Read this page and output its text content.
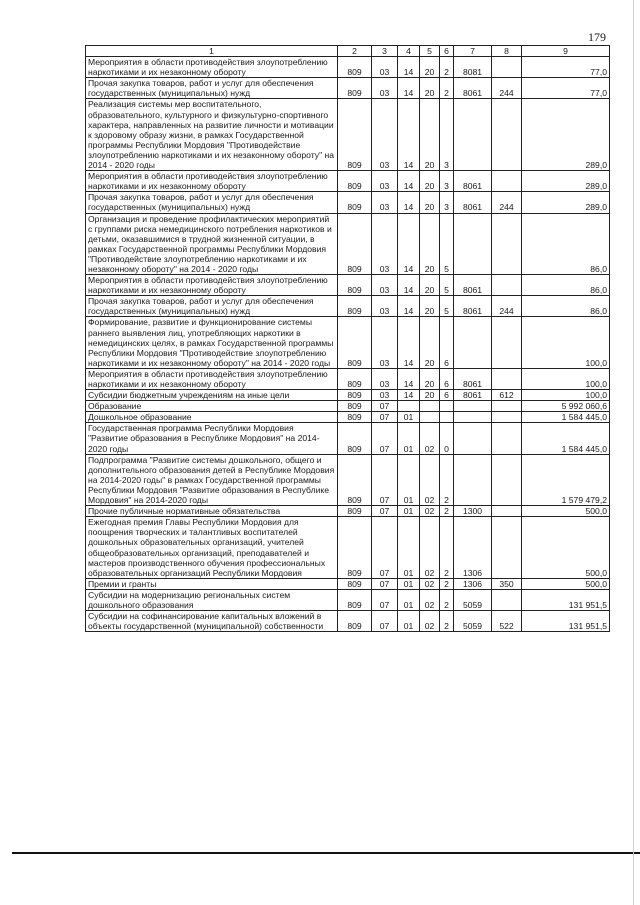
179
1	2	3	4	5	6	7	8	9
Мероприятия в области противодействия злоупотреблению наркотиками и их незаконному обороту	809	03	14	20	2	8081		77,0
Прочая закупка товаров, работ и услуг для обеспечения государственных (муниципальных) нужд	809	03	14	20	2	8061	244	77,0
Реализация системы мер воспитательного, образовательного, культурного и физкультурно-спортивного характера, направленных на развитие личности и мотивации к здоровому образу жизни, в рамках Государственной программы Республики Мордовия "Противодействие злоупотреблению наркотиками и их незаконному обороту" на 2014 - 2020 годы	809	03	14	20	3			289,0
Мероприятия в области противодействия злоупотреблению наркотиками и их незаконному обороту	809	03	14	20	3	8061		289,0
Прочая закупка товаров, работ и услуг для обеспечения государственных (муниципальных) нужд	809	03	14	20	3	8061	244	289,0
Организация и проведение профилактических мероприятий с группами риска немедицинского потребления наркотиков и детьми, оказавшимися в трудной жизненной ситуации, в рамках Государственной программы Республики Мордовия "Противодействие злоупотреблению наркотиками и их незаконному обороту" на 2014 - 2020 годы	809	03	14	20	5			86,0
Мероприятия в области противодействия злоупотреблению наркотиками и их незаконному обороту	809	03	14	20	5	8061		86,0
Прочая закупка товаров, работ и услуг для обеспечения государственных (муниципальных) нужд	809	03	14	20	5	8061	244	86,0
Формирование, развитие и функционирование системы раннего выявления лиц, употребляющих наркотики в немедицинских целях, в рамках Государственной программы Республики Мордовия "Противодействие злоупотреблению наркотиками и их незаконному обороту" на 2014 - 2020 годы	809	03	14	20	6			100,0
Мероприятия в области противодействия злоупотреблению наркотиками и их незаконному обороту	809	03	14	20	6	8061		100,0
Субсидии бюджетным учреждениям на иные цели	809	03	14	20	6	8061	612	100,0
Образование	809	07						5 992 060,6
Дошкольное образование	809	07	01					1 584 445,0
Государственная программа Республики Мордовия "Развитие образования в Республике Мордовия" на 2014-2020 годы	809	07	01	02	0			1 584 445,0
Подпрограмма "Развитие системы дошкольного, общего и дополнительного образования детей в Республике Мордовия на 2014-2020 годы" в рамках Государственной программы Республики Мордовия "Развитие образования в Республике Мордовия" на 2014-2020 годы	809	07	01	02	2			1 579 479,2
Прочие публичные нормативные обязательства	809	07	01	02	2	1300		500,0
Ежегодная премия Главы Республики Мордовия для поощрения творческих и талантливых воспитателей дошкольных образовательных организаций, учителей общеобразовательных организаций, преподавателей и мастеров производственного обучения профессиональных образовательных организаций Республики Мордовия	809	07	01	02	2	1306		500,0
Премии и гранты	809	07	01	02	2	1306	350	500,0
Субсидии на модернизацию региональных систем дошкольного образования	809	07	01	02	2	5059		131 951,5
Субсидии на софинансирование капитальных вложений в объекты государственной (муниципальной) собственности	809	07	01	02	2	5059	522	131 951,5
